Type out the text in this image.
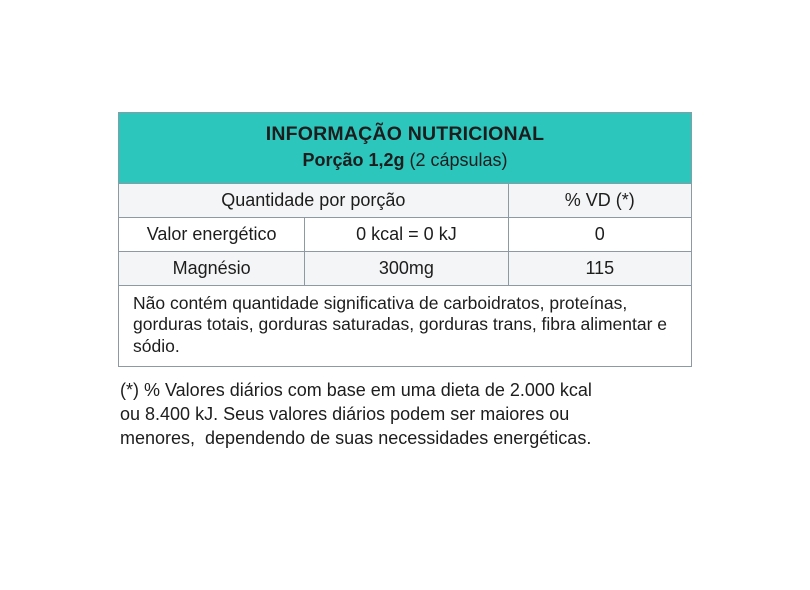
INFORMAÇÃO NUTRICIONAL
Porção 1,2g (2 cápsulas)		

Quantidade por porção		% VD (*)
Valor energético	0 kcal = 0 kJ	0
Magnésio	300mg	115
Não contém quantidade significativa de carboidratos, proteínas, gorduras totais, gorduras saturadas, gorduras trans, fibra alimentar e sódio.		
(*) % Valores diários com base em uma dieta de 2.000 kcal
ou 8.400 kJ. Seus valores diários podem ser maiores ou
menores,  dependendo de suas necessidades energéticas.
